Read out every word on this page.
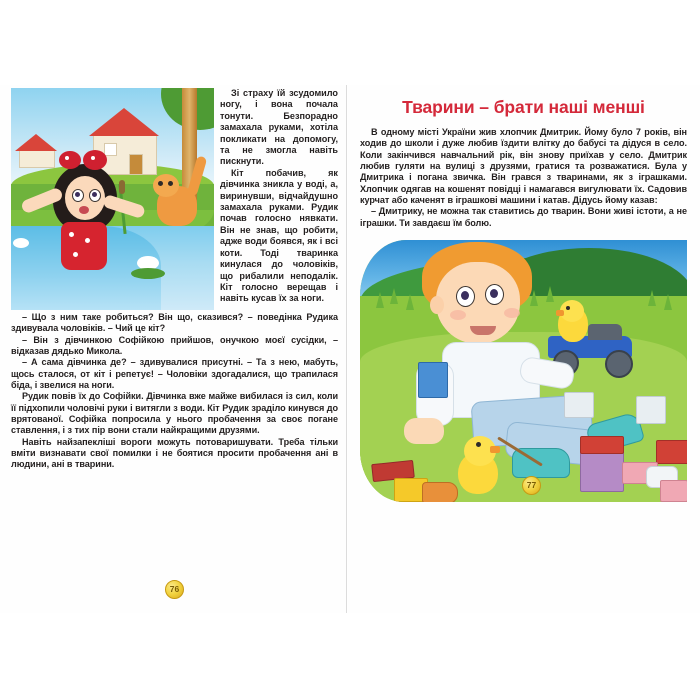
Зі страху їй зсудомило ногу, і вона почала тонути. Безпорадно замахала руками, хотіла покликати на допомогу, та не змогла навіть пискнути.

Кіт побачив, як дівчинка зникла у воді, а, виринувши, відчайдушно замахала руками. Рудик почав голосно нявкати. Він не знав, що робити, адже води боявся, як і всі коти. Тоді тваринка кинулася до чоловіків, що рибалили неподалік. Кіт голосно верещав і навіть кусав їх за ноги.

– Що з ним таке робиться? Він що, сказився? – поведінка Рудика здивувала чоловіків. – Чий це кіт?

– Він з дівчинкою Софійкою прийшов, онучкою моєї сусідки, – відказав дядько Микола.

– А сама дівчинка де? – здивувалися присутні. – Та з нею, мабуть, щось сталося, от кіт і репетує! – Чоловіки здогадалися, що трапилася біда, і звелися на ноги.

Рудик повів їх до Софійки. Дівчинка вже майже вибилася із сил, коли її підхопили чоловічі руки і витягли з води. Кіт Рудик зраділо кинувся до врятованої. Софійка попросила у нього пробачення за своє погане ставлення, і з тих пір вони стали найкращими друзями.

Навіть найзапекліші вороги можуть потоваришувати. Треба тільки вміти визнавати свої помилки і не боятися просити пробачення ані в людини, ані в тварини.

76
Тварини – брати наші менші

В одному місті України жив хлопчик Дмитрик. Йому було 7 років, він ходив до школи і дуже любив їздити влітку до бабусі та дідуся в село. Коли закінчився навчальний рік, він знову приїхав у село. Дмитрик любив гуляти на вулиці з друзями, гратися та розважатися. Була у Дмитрика і погана звичка. Він грався з тваринами, як з іграшками. Хлопчик одягав на кошенят повідці і намагався вигулювати їх. Садовив курчат або каченят в іграшкові машини і катав. Дідусь йому казав:

– Дмитрику, не можна так ставитись до тварин. Вони живі істоти, а не іграшки. Ти завдаєш їм болю.

77
